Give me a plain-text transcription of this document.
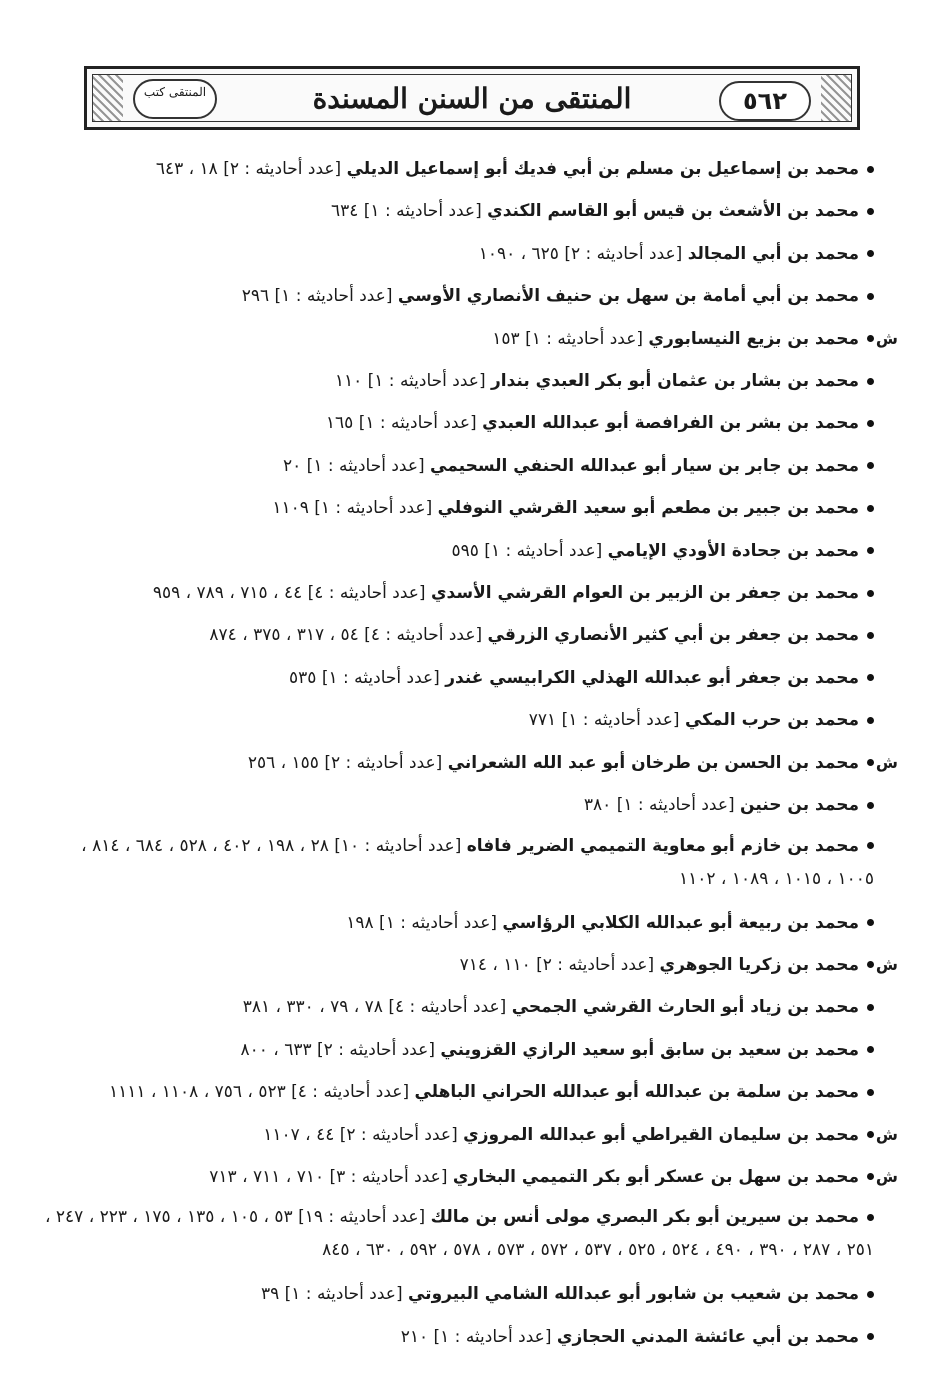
٥٦٢
المنتقى من السنن المسندة
المنتقى كتب
محمد بن إسماعيل بن مسلم بن أبي فديك أبو إسماعيل الديلي [عدد أحاديثه : ٢] ١٨ ، ٦٤٣
محمد بن الأشعث بن قيس أبو القاسم الكندي [عدد أحاديثه : ١] ٦٣٤
محمد بن أبي المجالد [عدد أحاديثه : ٢] ٦٢٥ ، ١٠٩٠
محمد بن أبي أمامة بن سهل بن حنيف الأنصاري الأوسي [عدد أحاديثه : ١] ٢٩٦
ش
محمد بن بزيع النيسابوري [عدد أحاديثه : ١] ١٥٣
محمد بن بشار بن عثمان أبو بكر العبدي بندار [عدد أحاديثه : ١] ١١٠
محمد بن بشر بن الفرافصة أبو عبدالله العبدي [عدد أحاديثه : ١] ١٦٥
محمد بن جابر بن سيار أبو عبدالله الحنفي السحيمي [عدد أحاديثه : ١] ٢٠
محمد بن جبير بن مطعم أبو سعيد القرشي النوفلي [عدد أحاديثه : ١] ١١٠٩
محمد بن جحادة الأودي الإيامي [عدد أحاديثه : ١] ٥٩٥
محمد بن جعفر بن الزبير بن العوام القرشي الأسدي [عدد أحاديثه : ٤] ٤٤ ، ٧١٥ ، ٧٨٩ ، ٩٥٩
محمد بن جعفر بن أبي كثير الأنصاري الزرقي [عدد أحاديثه : ٤] ٥٤ ، ٣١٧ ، ٣٧٥ ، ٨٧٤
محمد بن جعفر أبو عبدالله الهذلي الكرابيسي غندر [عدد أحاديثه : ١] ٥٣٥
محمد بن حرب المكي [عدد أحاديثه : ١] ٧٧١
ش
محمد بن الحسن بن طرخان أبو عبد الله الشعراني [عدد أحاديثه : ٢] ١٥٥ ، ٢٥٦
محمد بن حنين [عدد أحاديثه : ١] ٣٨٠
محمد بن خازم أبو معاوية التميمي الضرير فافاه [عدد أحاديثه : ١٠] ٢٨ ، ١٩٨ ، ٤٠٢ ، ٥٢٨ ، ٦٨٤ ، ٨١٤ ، ١٠٠٥ ، ١٠١٥ ، ١٠٨٩ ، ١١٠٢
محمد بن ربيعة أبو عبدالله الكلابي الرؤاسي [عدد أحاديثه : ١] ١٩٨
ش
محمد بن زكريا الجوهري [عدد أحاديثه : ٢] ١١٠ ، ٧١٤
محمد بن زياد أبو الحارث القرشي الجمحي [عدد أحاديثه : ٤] ٧٨ ، ٧٩ ، ٣٣٠ ، ٣٨١
محمد بن سعيد بن سابق أبو سعيد الرازي القزويني [عدد أحاديثه : ٢] ٦٣٣ ، ٨٠٠
محمد بن سلمة بن عبدالله أبو عبدالله الحراني الباهلي [عدد أحاديثه : ٤] ٥٢٣ ، ٧٥٦ ، ١١٠٨ ، ١١١١
ش
محمد بن سليمان القيراطي أبو عبدالله المروزي [عدد أحاديثه : ٢] ٤٤ ، ١١٠٧
ش
محمد بن سهل بن عسكر أبو بكر التميمي البخاري [عدد أحاديثه : ٣] ٧١٠ ، ٧١١ ، ٧١٣
محمد بن سيرين أبو بكر البصري مولى أنس بن مالك [عدد أحاديثه : ١٩] ٥٣ ، ١٠٥ ، ١٣٥ ، ١٧٥ ، ٢٢٣ ، ٢٤٧ ، ٢٥١ ، ٢٨٧ ، ٣٩٠ ، ٤٩٠ ، ٥٢٤ ، ٥٢٥ ، ٥٣٧ ، ٥٧٢ ، ٥٧٣ ، ٥٧٨ ، ٥٩٢ ، ٦٣٠ ، ٨٤٥
محمد بن شعيب بن شابور أبو عبدالله الشامي البيروتي [عدد أحاديثه : ١] ٣٩
محمد بن أبي عائشة المدني الحجازي [عدد أحاديثه : ١] ٢١٠
